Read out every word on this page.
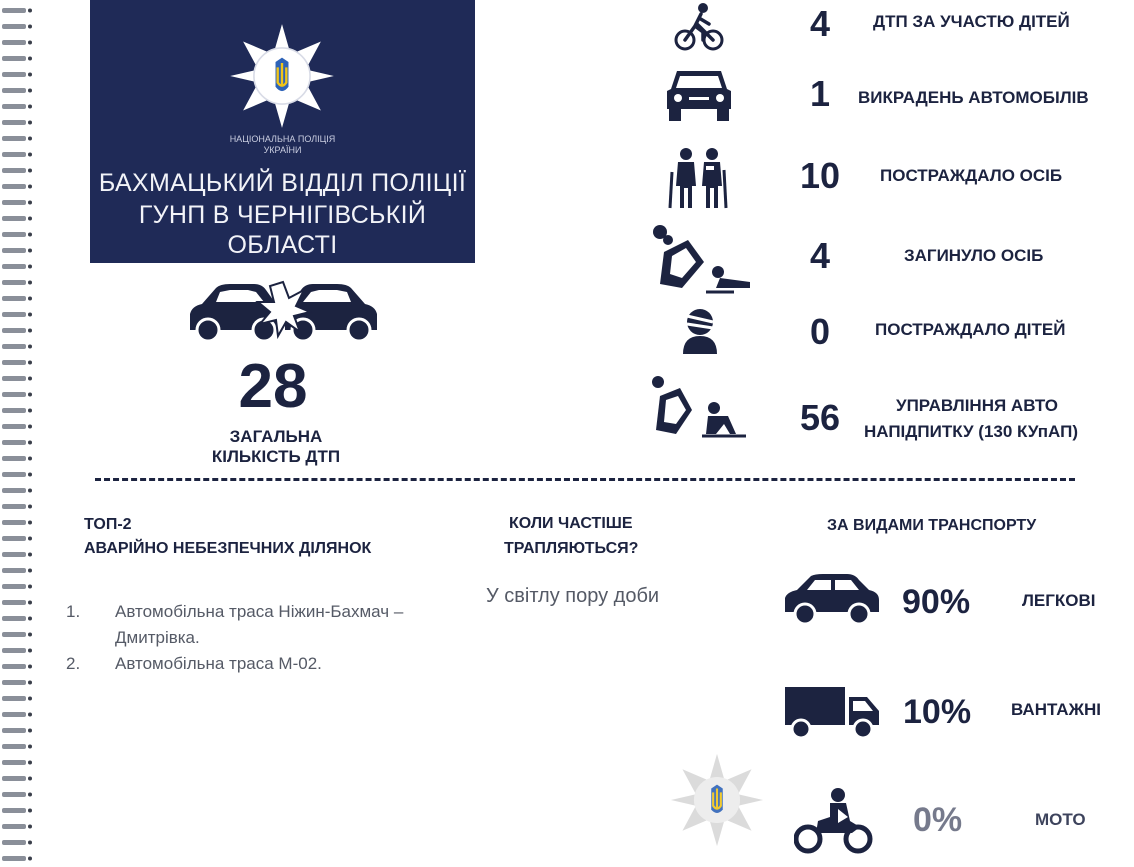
НАЦІОНАЛЬНА ПОЛІЦІЯ
УКРАЇНИ
БАХМАЦЬКИЙ ВІДДІЛ ПОЛІЦІЇ
ГУНП В ЧЕРНІГІВСЬКІЙ ОБЛАСТІ
28
ЗАГАЛЬНА
КІЛЬКІСТЬ ДТП
4	ДТП ЗА УЧАСТЮ ДІТЕЙ
1	ВИКРАДЕНЬ АВТОМОБІЛІВ
10	ПОСТРАЖДАЛО ОСІБ
4	ЗАГИНУЛО ОСІБ
0	ПОСТРАЖДАЛО ДІТЕЙ
56	УПРАВЛІННЯ АВТО
НАПІДПИТКУ (130 КУпАП)
ТОП-2
АВАРІЙНО НЕБЕЗПЕЧНИХ ДІЛЯНОК
1. Автомобільна траса Ніжин-Бахмач –
Дмитрівка.
2. Автомобільна траса М-02.
КОЛИ ЧАСТІШЕ
ТРАПЛЯЮТЬСЯ?
У світлу пору доби
ЗА ВИДАМИ ТРАНСПОРТУ
90%	ЛЕГКОВІ
10% ВАНТАЖНІ
0%	МОТО
